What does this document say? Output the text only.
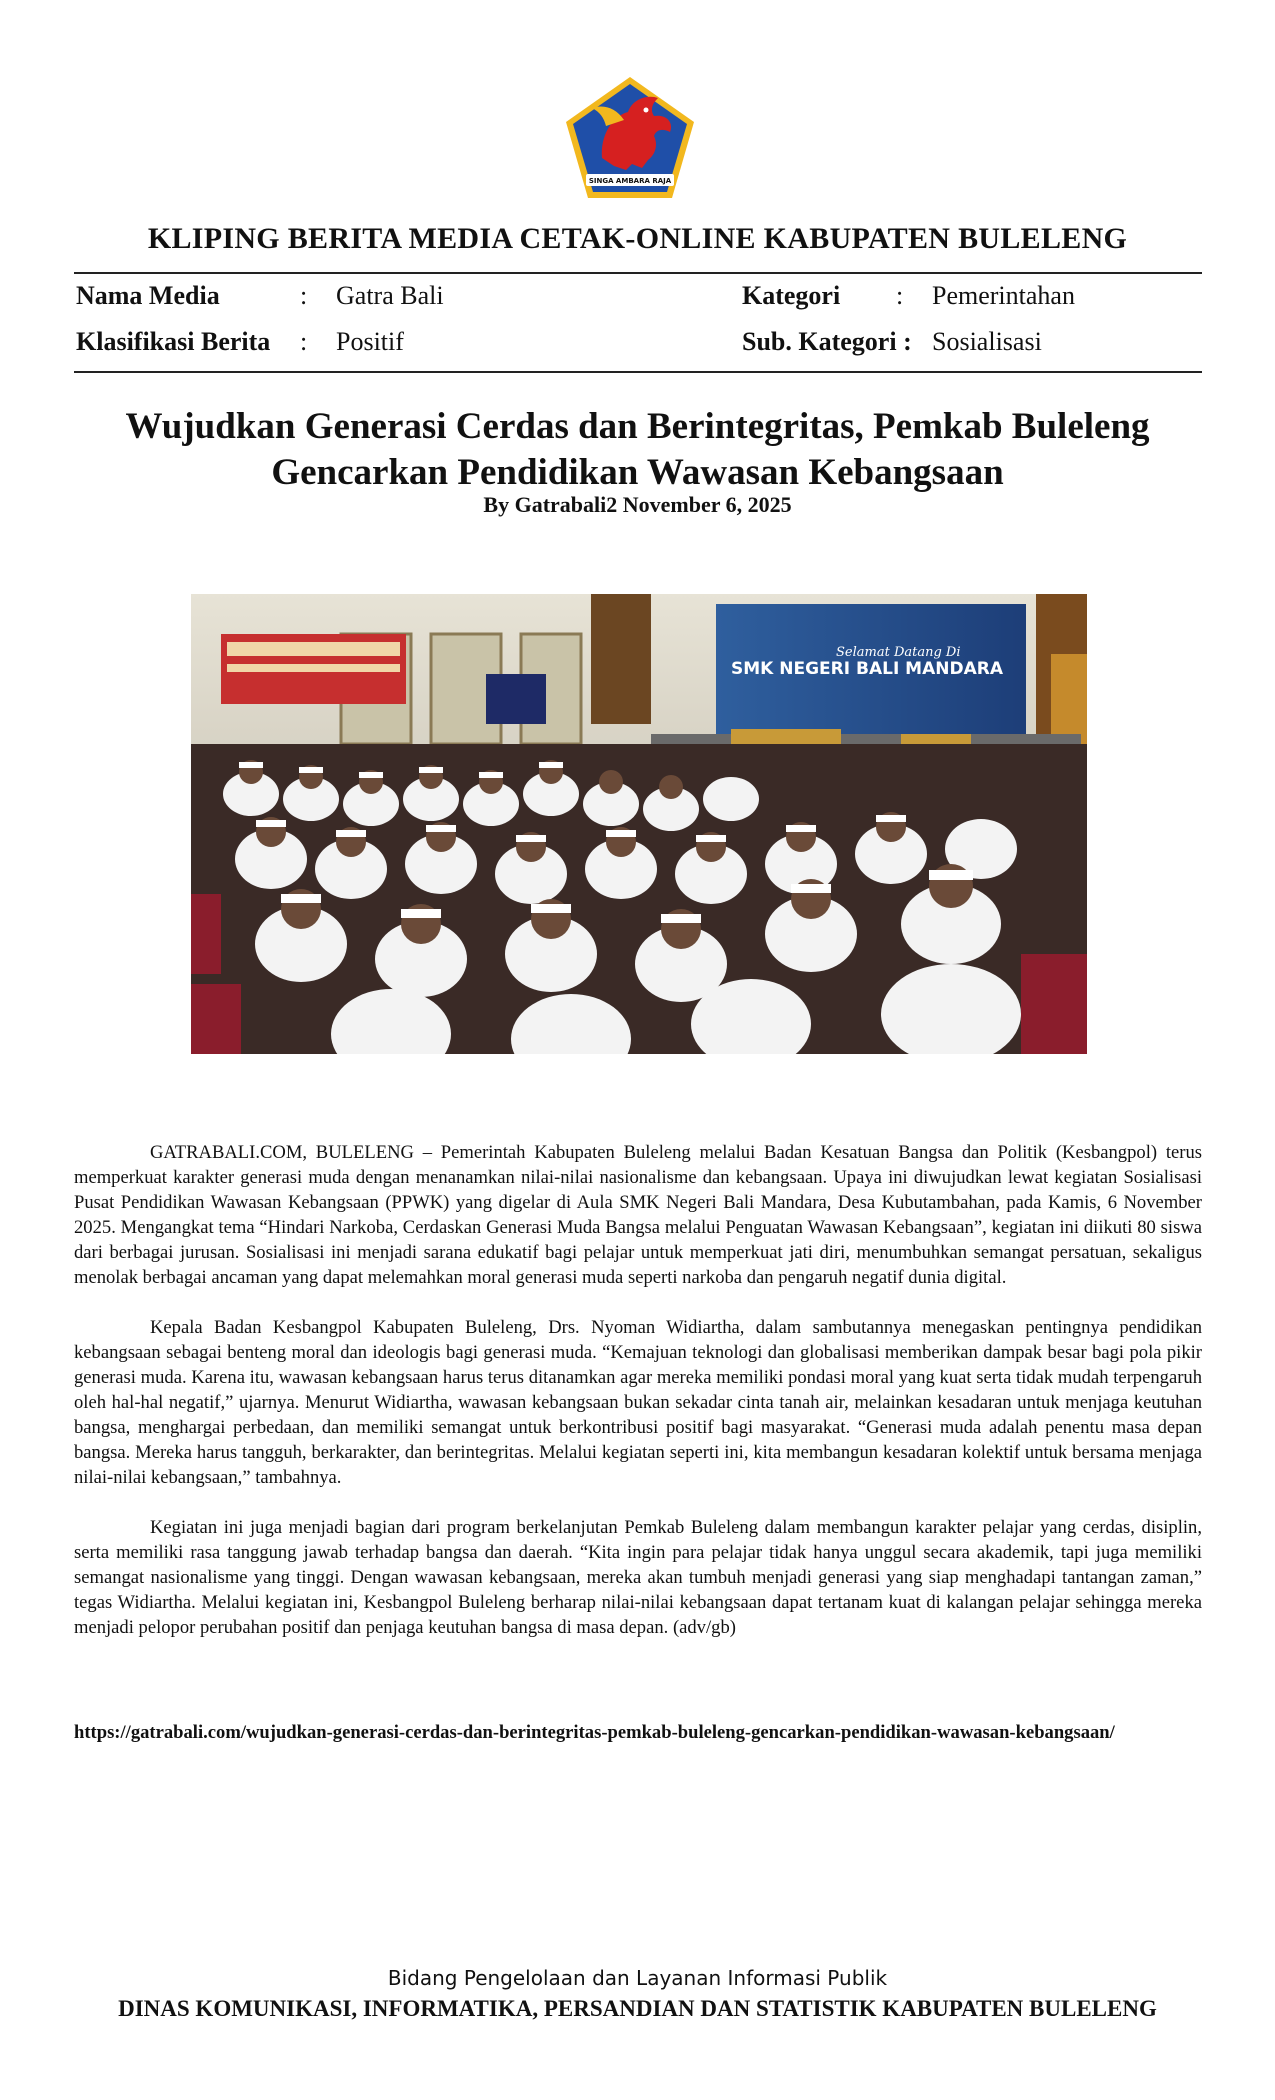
SINGA AMBARA RAJA
KLIPING BERITA MEDIA CETAK-ONLINE KABUPATEN BULELENG
Nama Media	: Gatra Bali	Kategori : Pemerintahan
Klasifikasi Berita : Positif	Sub. Kategori : Sosialisasi
Wujudkan Generasi Cerdas dan Berintegritas, Pemkab Buleleng
Gencarkan Pendidikan Wawasan Kebangsaan
By Gatrabali2 November 6, 2025
Selamat Datang Di
SMK NEGERI BALI MANDARA

GATRABALI.COM, BULELENG – Pemerintah Kabupaten Buleleng melalui Badan Kesatuan Bangsa dan Politik (Kesbangpol) terus memperkuat karakter generasi muda dengan menanamkan nilai-nilai nasionalisme dan kebangsaan. Upaya ini diwujudkan lewat kegiatan Sosialisasi Pusat Pendidikan Wawasan Kebangsaan (PPWK) yang digelar di Aula SMK Negeri Bali Mandara, Desa Kubutambahan, pada Kamis, 6 November 2025. Mengangkat tema “Hindari Narkoba, Cerdaskan Generasi Muda Bangsa melalui Penguatan Wawasan Kebangsaan”, kegiatan ini diikuti 80 siswa dari berbagai jurusan. Sosialisasi ini menjadi sarana edukatif bagi pelajar untuk memperkuat jati diri, menumbuhkan semangat persatuan, sekaligus menolak berbagai ancaman yang dapat melemahkan moral generasi muda seperti narkoba dan pengaruh negatif dunia digital.

Kepala Badan Kesbangpol Kabupaten Buleleng, Drs. Nyoman Widiartha, dalam sambutannya menegaskan pentingnya pendidikan kebangsaan sebagai benteng moral dan ideologis bagi generasi muda. “Kemajuan teknologi dan globalisasi memberikan dampak besar bagi pola pikir generasi muda. Karena itu, wawasan kebangsaan harus terus ditanamkan agar mereka memiliki pondasi moral yang kuat serta tidak mudah terpengaruh oleh hal-hal negatif,” ujarnya. Menurut Widiartha, wawasan kebangsaan bukan sekadar cinta tanah air, melainkan kesadaran untuk menjaga keutuhan bangsa, menghargai perbedaan, dan memiliki semangat untuk berkontribusi positif bagi masyarakat. “Generasi muda adalah penentu masa depan bangsa. Mereka harus tangguh, berkarakter, dan berintegritas. Melalui kegiatan seperti ini, kita membangun kesadaran kolektif untuk bersama menjaga nilai-nilai kebangsaan,” tambahnya.

Kegiatan ini juga menjadi bagian dari program berkelanjutan Pemkab Buleleng dalam membangun karakter pelajar yang cerdas, disiplin, serta memiliki rasa tanggung jawab terhadap bangsa dan daerah. “Kita ingin para pelajar tidak hanya unggul secara akademik, tapi juga memiliki semangat nasionalisme yang tinggi. Dengan wawasan kebangsaan, mereka akan tumbuh menjadi generasi yang siap menghadapi tantangan zaman,” tegas Widiartha. Melalui kegiatan ini, Kesbangpol Buleleng berharap nilai-nilai kebangsaan dapat tertanam kuat di kalangan pelajar sehingga mereka menjadi pelopor perubahan positif dan penjaga keutuhan bangsa di masa depan. (adv/gb)

https://gatrabali.com/wujudkan-generasi-cerdas-dan-berintegritas-pemkab-buleleng-gencarkan-pendidikan-wawasan-kebangsaan/
Bidang Pengelolaan dan Layanan Informasi Publik
DINAS KOMUNIKASI, INFORMATIKA, PERSANDIAN DAN STATISTIK KABUPATEN BULELENG
